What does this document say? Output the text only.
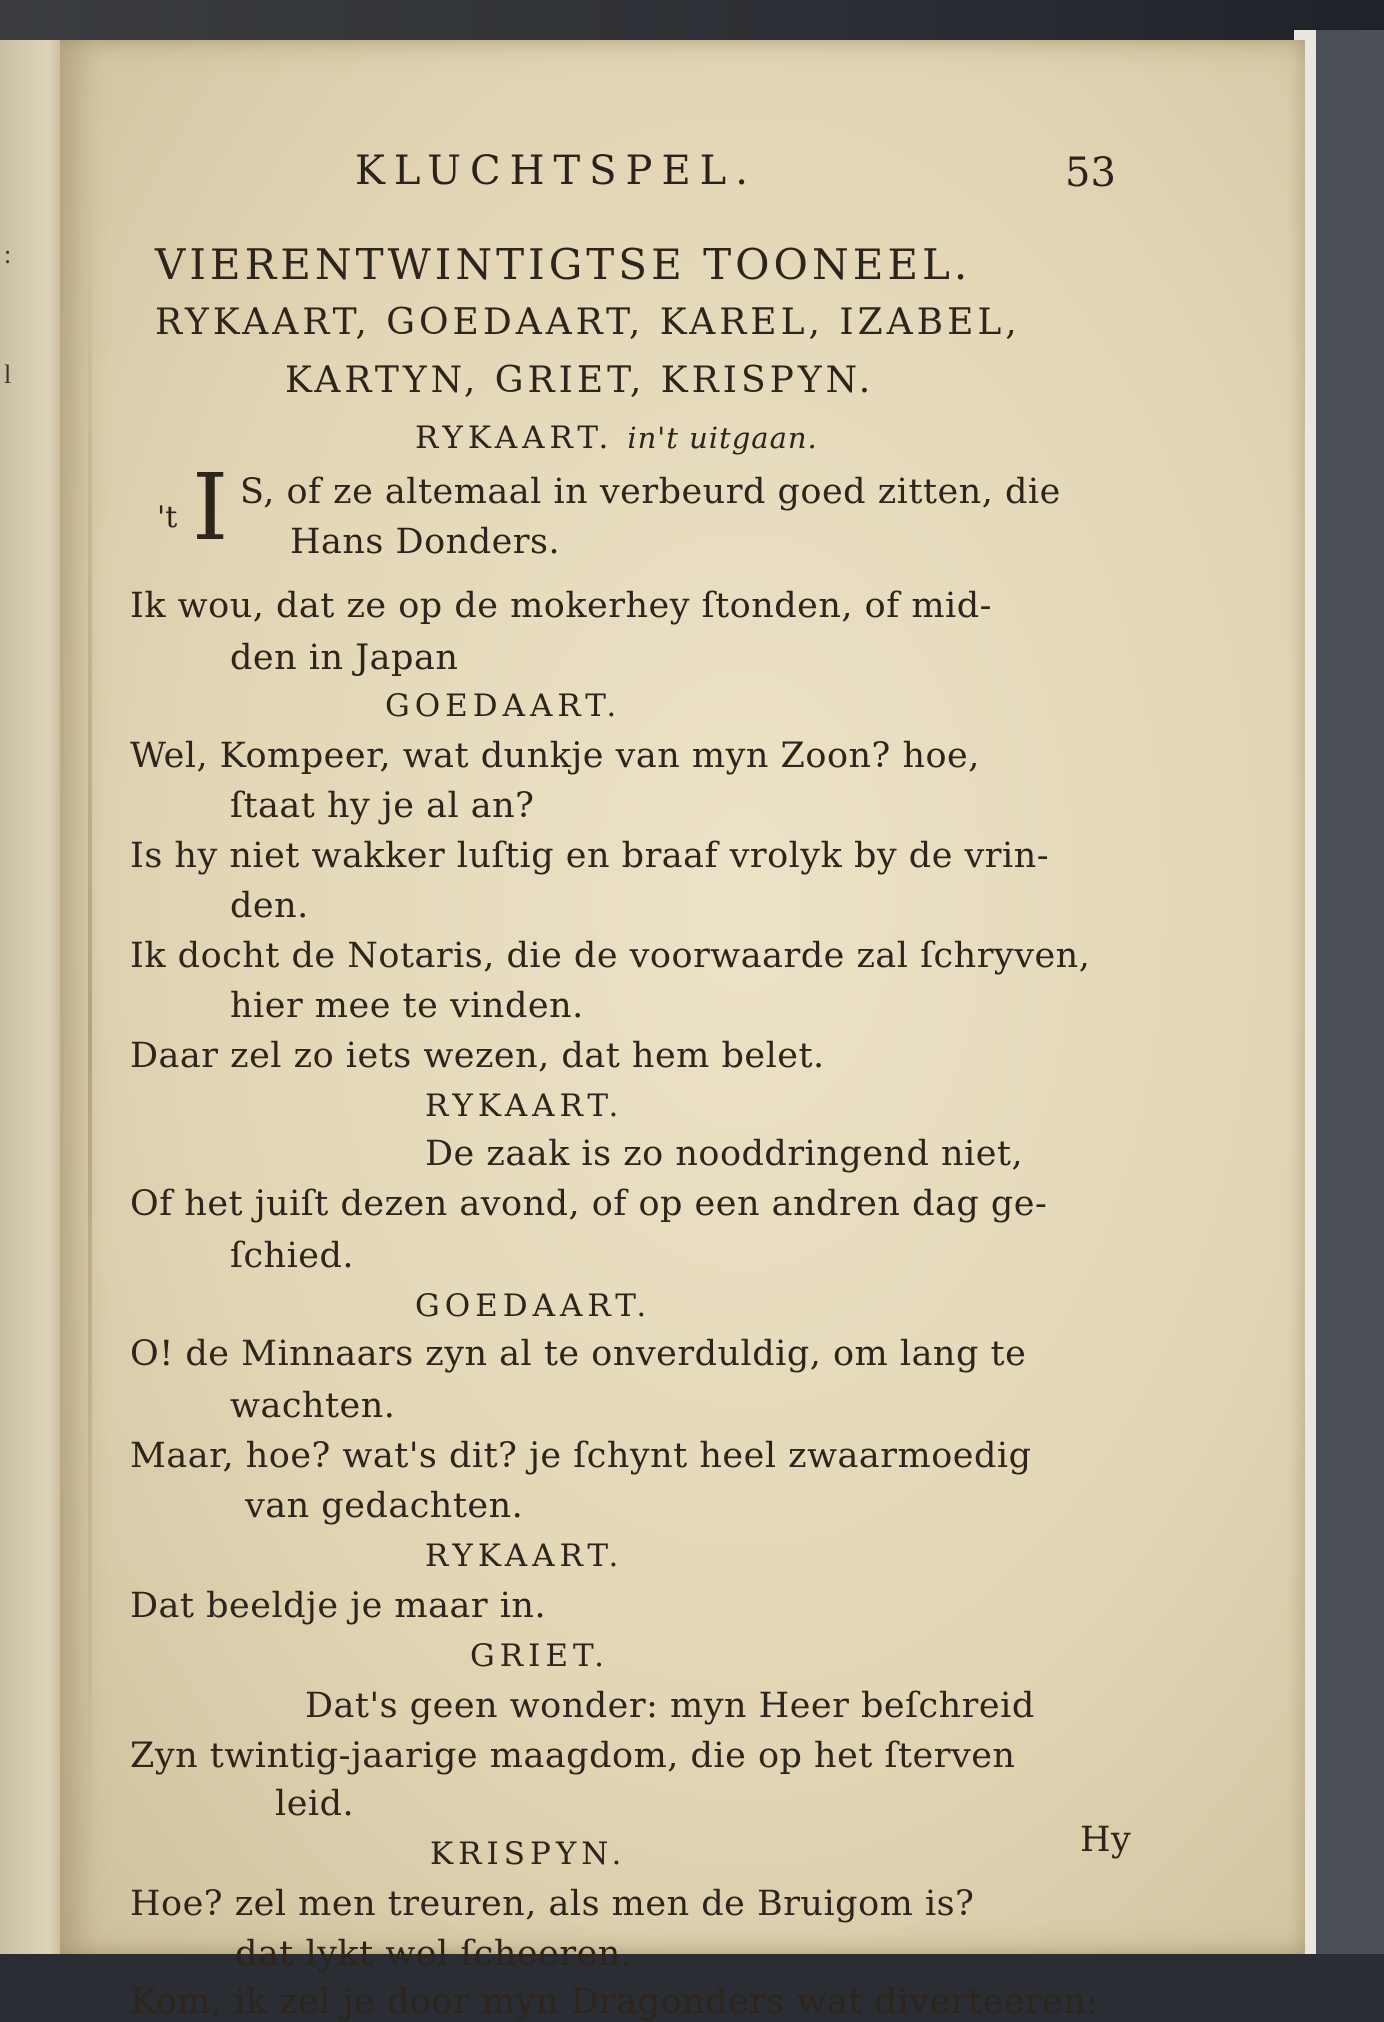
:
l
KLUCHTSPEL.	53
VIERENTWINTIGTSE TOONEEL.
RYKAART, GOEDAART, KAREL, IZABEL,
KARTYN, GRIET, KRISPYN.
RYKAART. in't uitgaan.
't I S, of ze altemaal in verbeurd goed zitten, die
Hans Donders.
Ik wou, dat ze op de mokerhey ſtonden, of mid-
den in Japan
GOEDAART.
Wel, Kompeer, wat dunkje van myn Zoon? hoe,
ſtaat hy je al an?
Is hy niet wakker luſtig en braaf vrolyk by de vrin-
den.
Ik docht de Notaris, die de voorwaarde zal ſchryven,
hier mee te vinden.
Daar zel zo iets wezen, dat hem belet.
RYKAART.
De zaak is zo nooddringend niet,
Of het juiſt dezen avond, of op een andren dag ge-
ſchied.
GOEDAART.
O! de Minnaars zyn al te onverduldig, om lang te
wachten.
Maar, hoe? wat's dit? je ſchynt heel zwaarmoedig
van gedachten.
RYKAART.
Dat beeldje je maar in.
GRIET.
Dat's geen wonder: myn Heer beſchreid
Zyn twintig-jaarige maagdom, die op het ſterven
leid.
KRISPYN.
Hoe? zel men treuren, als men de Bruigom is?
dat lykt wel ſcheeren.
Kom, ik zel je door myn Dragonders wat diverteeren:
Hy
